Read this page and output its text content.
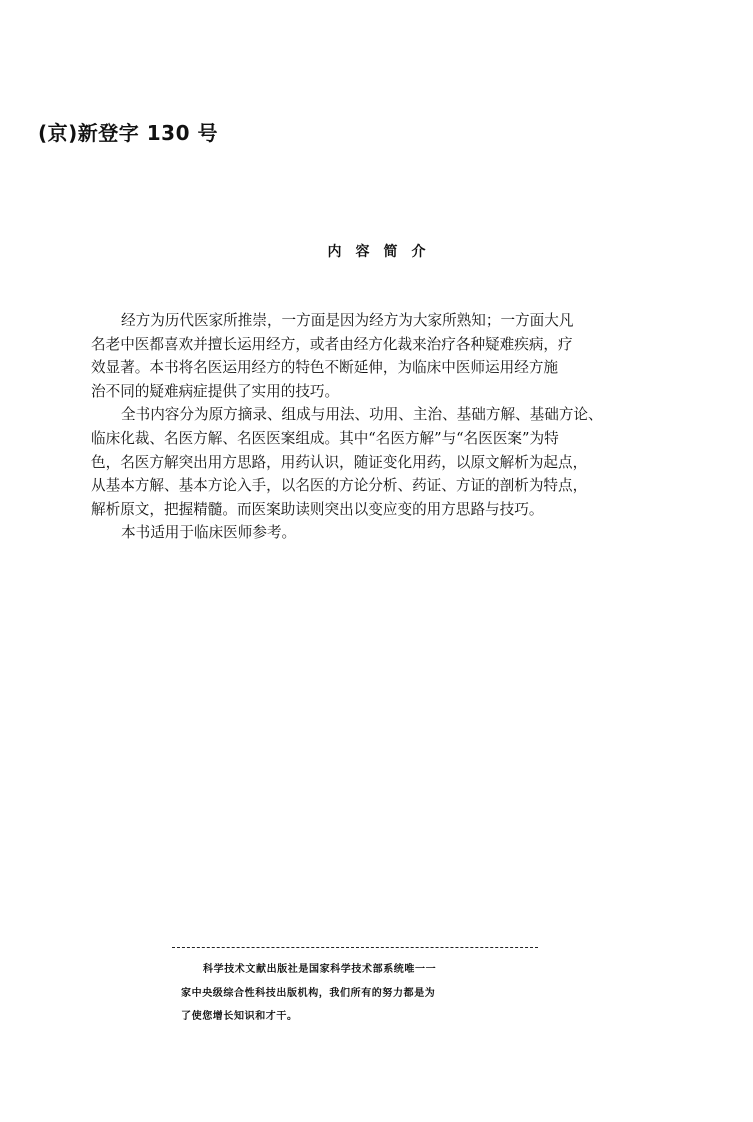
(京)新登字 130 号
内容简介
经方为历代医家所推崇，一方面是因为经方为大家所熟知；一方面大凡
名老中医都喜欢并擅长运用经方，或者由经方化裁来治疗各种疑难疾病，疗
效显著。本书将名医运用经方的特色不断延伸，为临床中医师运用经方施
治不同的疑难病症提供了实用的技巧。
全书内容分为原方摘录、组成与用法、功用、主治、基础方解、基础方论、
临床化裁、名医方解、名医医案组成。其中“名医方解”与“名医医案”为特
色，名医方解突出用方思路，用药认识，随证变化用药，以原文解析为起点，
从基本方解、基本方论入手，以名医的方论分析、药证、方证的剖析为特点，
解析原文，把握精髓。而医案助读则突出以变应变的用方思路与技巧。
本书适用于临床医师参考。
科学技术文献出版社是国家科学技术部系统唯一一
家中央级综合性科技出版机构，我们所有的努力都是为
了使您增长知识和才干。
